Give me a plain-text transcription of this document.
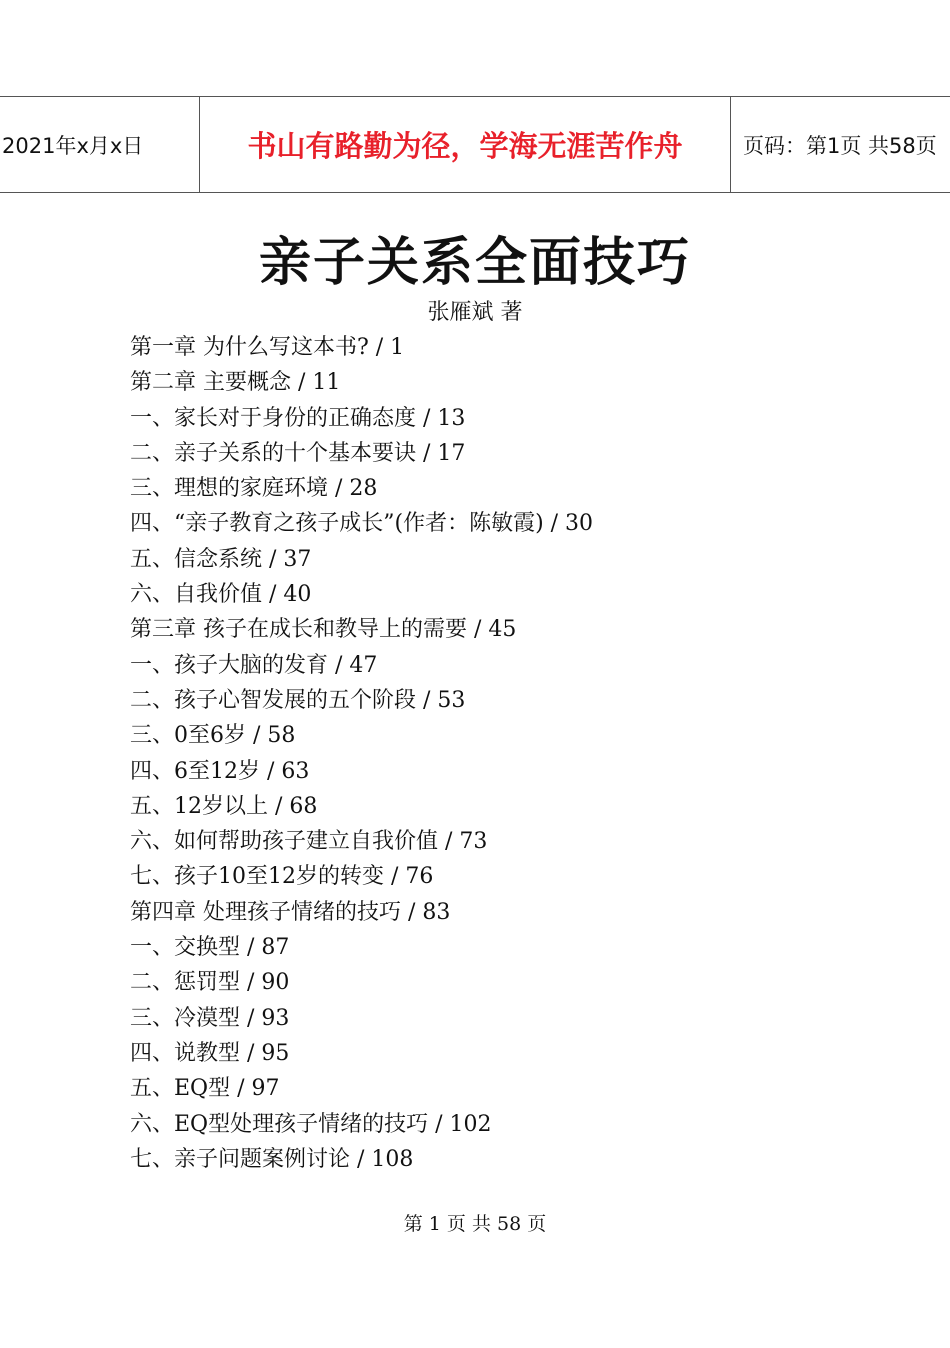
2021年x月x日	书山有路勤为径，学海无涯苦作舟	页码：第1页 共58页
亲子关系全面技巧
张雁斌 著
第一章 为什么写这本书? / 1
第二章 主要概念 / 11
一、家长对于身份的正确态度 / 13
二、亲子关系的十个基本要诀 / 17
三、理想的家庭环境 / 28
四、“亲子教育之孩子成长”(作者：陈敏霞) / 30
五、信念系统 / 37
六、自我价值 / 40
第三章 孩子在成长和教导上的需要 / 45
一、孩子大脑的发育 / 47
二、孩子心智发展的五个阶段 / 53
三、0至6岁 / 58
四、6至12岁 / 63
五、12岁以上 / 68
六、如何帮助孩子建立自我价值 / 73
七、孩子10至12岁的转变 / 76
第四章 处理孩子情绪的技巧 / 83
一、交换型 / 87
二、惩罚型 / 90
三、冷漠型 / 93
四、说教型 / 95
五、EQ型 / 97
六、EQ型处理孩子情绪的技巧 / 102
七、亲子问题案例讨论 / 108
第 1 页 共 58 页
